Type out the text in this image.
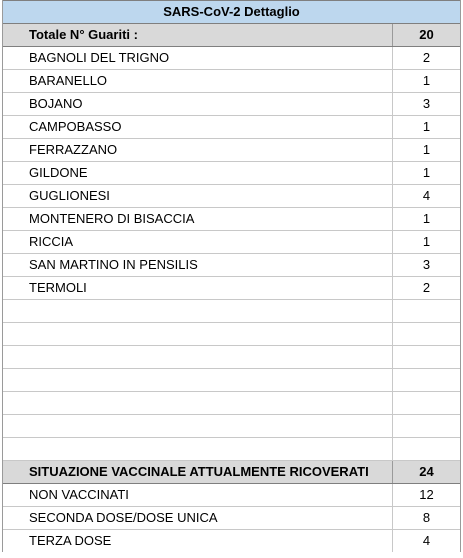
SARS-CoV-2 Dettaglio
Totale N° Guariti :	20
BAGNOLI DEL TRIGNO	2
BARANELLO	1
BOJANO	3
CAMPOBASSO	1
FERRAZZANO	1
GILDONE	1
GUGLIONESI	4
MONTENERO DI BISACCIA	1
RICCIA	1
SAN MARTINO IN PENSILIS	3
TERMOLI	2
SITUAZIONE VACCINALE ATTUALMENTE RICOVERATI	24
NON VACCINATI	12
SECONDA DOSE/DOSE UNICA	8
TERZA DOSE	4
